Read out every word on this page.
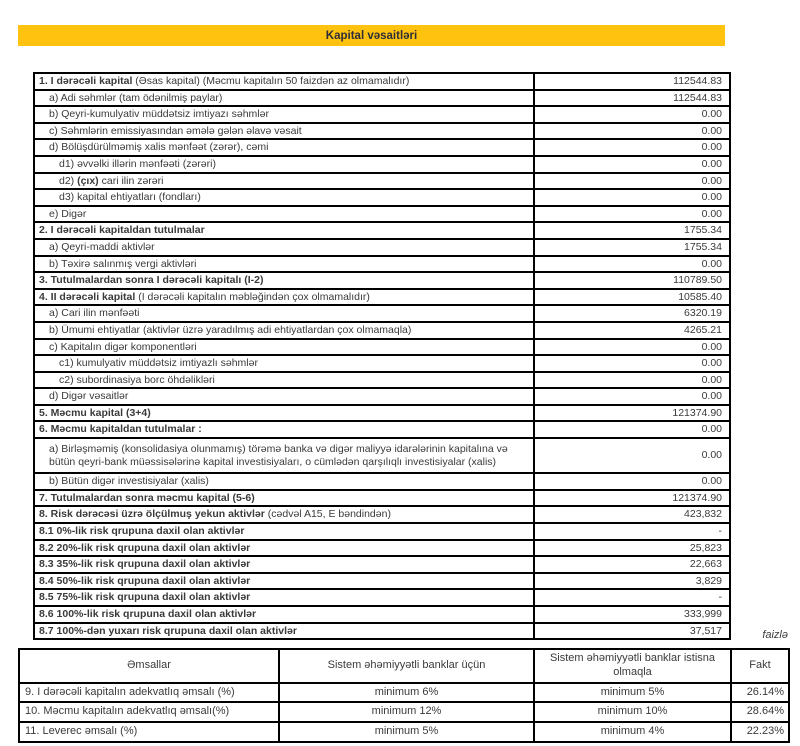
Kapital vəsaitləri
1. I dərəcəli kapital (Əsas kapital) (Məcmu kapitalın 50 faizdən az olmamalıdır)	112544.83
a) Adi səhmlər (tam ödənilmiş paylar)	112544.83
b) Qeyri-kumulyativ müddətsiz imtiyazı səhmlər	0.00
c) Səhmlərin emissiyasından əmələ gələn əlavə vəsait	0.00
d) Bölüşdürülməmiş xalis mənfəət (zərər), cəmi	0.00
d1) əvvəlki illərin mənfəəti (zərəri)	0.00
d2) (çıx) cari ilin zərəri	0.00
d3) kapital ehtiyatları (fondları)	0.00
e) Digər	0.00
2. I dərəcəli kapitaldan tutulmalar	1755.34
a) Qeyri-maddi aktivlər	1755.34
b) Təxirə salınmış vergi aktivləri	0.00
3. Tutulmalardan sonra I dərəcəli kapitalı (I-2)	110789.50
4. II dərəcəli kapital (I dərəcəli kapitalın məbləğindən çox olmamalıdır)	10585.40
a) Cari ilin mənfəəti	6320.19
b) Ümumi ehtiyatlar (aktivlər üzrə yaradılmış adi ehtiyatlardan çox olmamaqla)	4265.21
c) Kapitalın digər komponentləri	0.00
c1) kumulyativ müddətsiz imtiyazlı səhmlər	0.00
c2) subordinasiya borc öhdəlikləri	0.00
d) Digər vəsaitlər	0.00
5. Məcmu kapital (3+4)	121374.90
6. Məcmu kapitaldan tutulmalar :	0.00
a) Birləşməmiş (konsolidasiya olunmamış) törəmə banka və digər maliyyə idarələrinin kapitalına və bütün qeyri-bank müəssisələrinə kapital investisiyaları, o cümlədən qarşılıqlı investisiyalar (xalis)	0.00
b) Bütün digər investisiyalar (xalis)	0.00
7. Tutulmalardan sonra məcmu kapital (5-6)	121374.90
8. Risk dərəcəsi üzrə ölçülmuş yekun aktivlər (cədvəl A15, E bəndindən)	423,832
8.1 0%-lik risk qrupuna daxil olan aktivlər	-
8.2 20%-lik risk qrupuna daxil olan aktivlər	25,823
8.3 35%-lik risk qrupuna daxil olan aktivlər	22,663
8.4 50%-lik risk qrupuna daxil olan aktivlər	3,829
8.5 75%-lik risk qrupuna daxil olan aktivlər	-
8.6 100%-lik risk qrupuna daxil olan aktivlər	333,999
8.7 100%-dən yuxarı risk qrupuna daxil olan aktivlər	37,517	faizlə
Əmsallar	Sistem əhəmiyyətli banklar üçün	Sistem əhəmiyyətli banklar istisna olmaqla	Fakt
9. I dərəcəli kapitalın adekvatlıq əmsalı (%)	minimum 6%	minimum 5%	26.14%
10. Məcmu kapitalın adekvatlıq əmsalı(%)	minimum 12%	minimum 10%	28.64%
11. Leverec əmsalı (%)	minimum 5%	minimum 4%	22.23%
